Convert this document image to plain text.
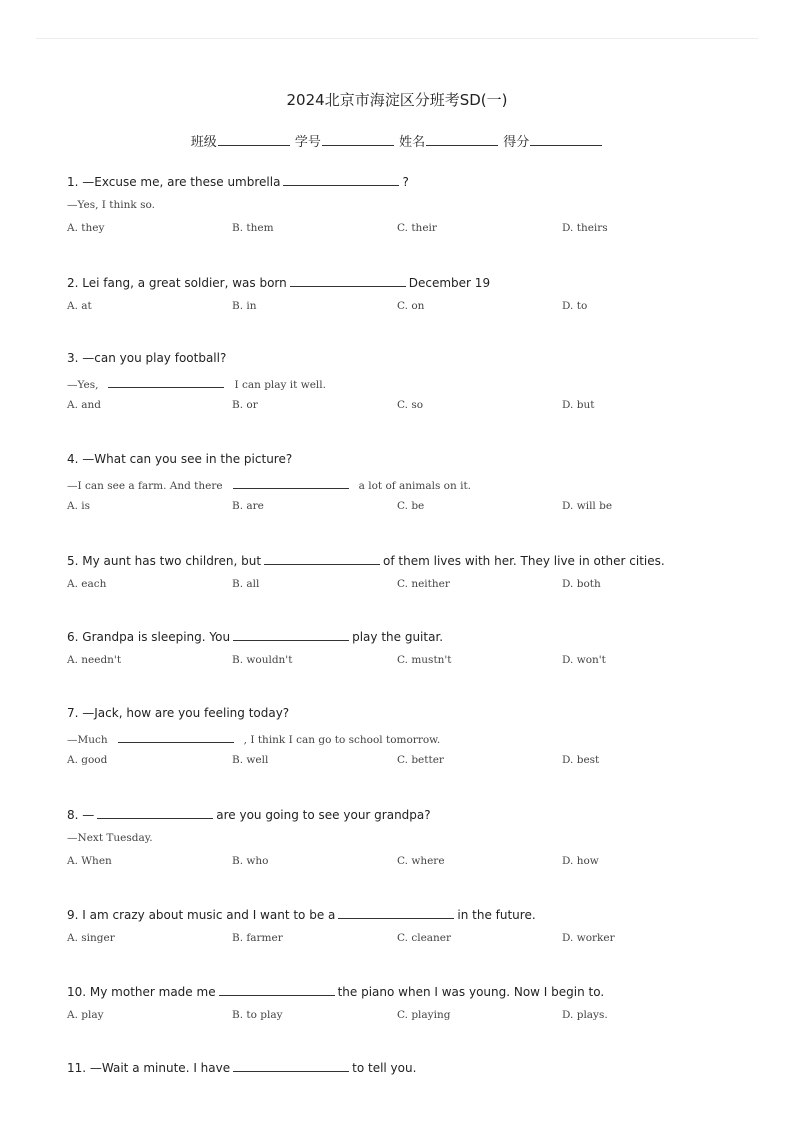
2024北京市海淀区分班考SD(一)
班级	学号	姓名	得分
1. —Excuse me, are these umbrella	?
—Yes, I think so.
A. they	B. them	C. their	D. theirs
2. Lei fang, a great soldier, was born	December 19
A. at	B. in	C. on	D. to
3. —can you play football?
—Yes,	I can play it well.
A. and	B. or	C. so	D. but
4. —What can you see in the picture?
—I can see a farm. And there	a lot of animals on it.
A. is	B. are	C. be	D. will be
5. My aunt has two children, but	of them lives with her. They live in other cities.
A. each	B. all	C. neither	D. both
6. Grandpa is sleeping. You	play the guitar.
A. needn't	B. wouldn't	C. mustn't	D. won't
7. —Jack, how are you feeling today?
—Much	, I think I can go to school tomorrow.
A. good	B. well	C. better	D. best
8. —	are you going to see your grandpa?
—Next Tuesday.
A. When	B. who	C. where	D. how
9. I am crazy about music and I want to be a	in the future.
A. singer	B. farmer	C. cleaner	D. worker
10. My mother made me	the piano when I was young. Now I begin to.
A. play	B. to play	C. playing	D. plays.
11. —Wait a minute. I have	to tell you.
